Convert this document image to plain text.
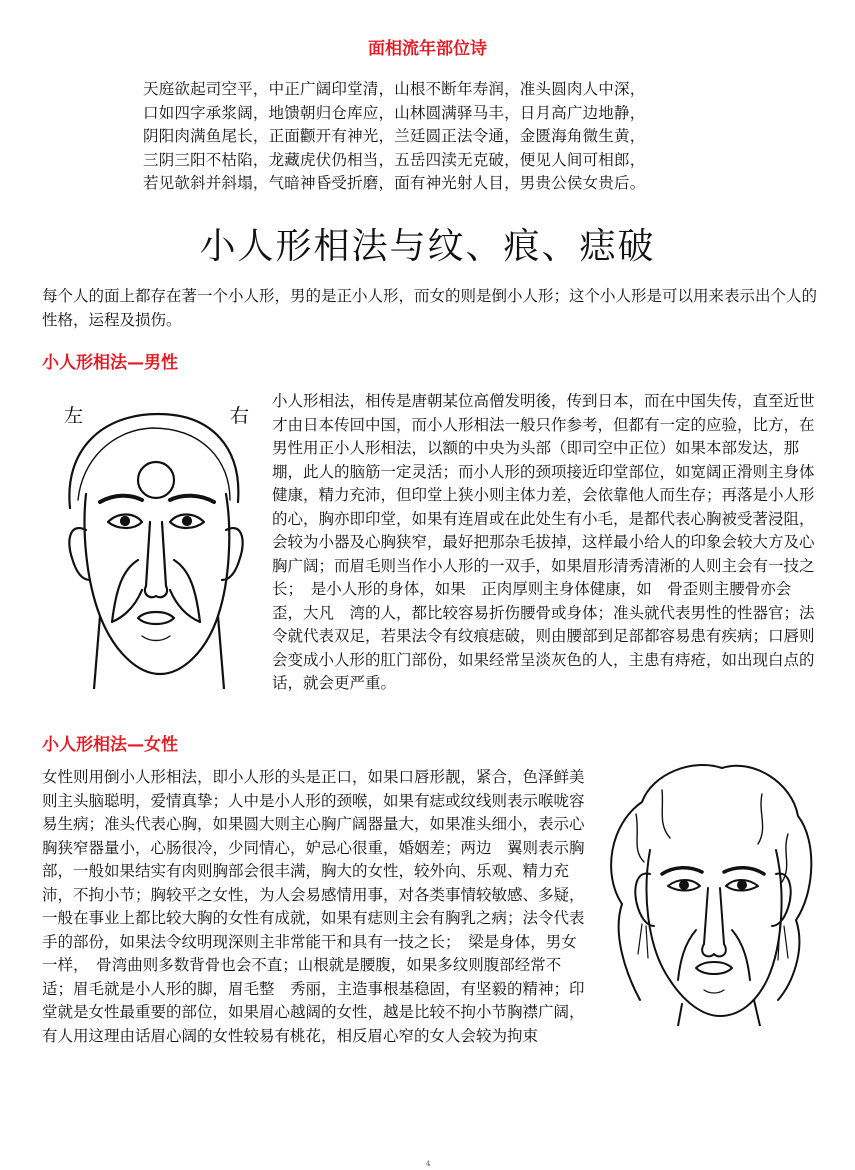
面相流年部位诗
天庭欲起司空平，中正广阔印堂清，山根不断年寿润，准头圆肉人中深，
口如四字承浆阔，地馈朝归仓库应，山林圆满驿马丰，日月高广边地静，
阴阳肉满鱼尾长，正面颧开有神光，兰廷圆正法令通，金匮海角微生黄，
三阴三阳不枯陷，龙藏虎伏仍相当，五岳四渎无克破，便见人间可相郎，
若见欹斜并斜塌，气暗神昏受折磨，面有神光射人目，男贵公侯女贵后。
小人形相法与纹、痕、痣破

每个人的面上都存在著一个小人形，男的是正小人形，而女的则是倒小人形；这个小人形是可以用来表示出个人的性格，运程及损伤。

小人形相法—男性
左	右

小人形相法，相传是唐朝某位高僧发明後，传到日本，而在中国失传，直至近世才由日本传回中国，而小人形相法一般只作参考，但都有一定的应验，比方，在男性用正小人形相法，以额的中央为头部（即司空中正位）如果本部发达，那堋，此人的脑筋一定灵活；而小人形的颈项接近印堂部位，如宽阔正滑则主身体健康，精力充沛，但印堂上狭小则主体力差，会依靠他人而生存；再落是小人形的心，胸亦即印堂，如果有连眉或在此处生有小毛，是都代表心胸被受著浸阻，会较为小器及心胸狭窄，最好把那杂毛拔掉，这样最小给人的印象会较大方及心胸广阔；而眉毛则当作小人形的一双手，如果眉形清秀清淅的人则主会有一技之长；　是小人形的身体，如果　正肉厚则主身体健康，如　骨歪则主腰骨亦会歪，大凡　湾的人，都比较容易折伤腰骨或身体；准头就代表男性的性器官；法令就代表双足，若果法令有纹痕痣破，则由腰部到足部都容易患有疾病；口唇则会变成小人形的肛门部份，如果经常呈淡灰色的人，主患有痔疮，如出现白点的话，就会更严重。

小人形相法—女性

女性则用倒小人形相法，即小人形的头是正口，如果口唇形靓，紧合，色泽鲜美则主头脑聪明，爱情真挚；人中是小人形的颈喉，如果有痣或纹线则表示喉咙容易生病；准头代表心胸，如果圆大则主心胸广阔器量大，如果准头细小，表示心胸狭窄器量小，心肠很冷，少同情心，妒忌心很重，婚姻差；两边　翼则表示胸部，一般如果结实有肉则胸部会很丰满，胸大的女性，较外向、乐观、精力充沛，不拘小节；胸较平之女性，为人会易感情用事，对各类事情较敏感、多疑，一般在事业上都比较大胸的女性有成就，如果有痣则主会有胸乳之病；法令代表手的部份，如果法令纹明现深则主非常能干和具有一技之长；　梁是身体，男女一样，　骨湾曲则多数背骨也会不直；山根就是腰腹，如果多纹则腹部经常不适；眉毛就是小人形的脚，眉毛整　秀丽，主造事根基稳固，有坚毅的精神；印堂就是女性最重要的部位，如果眉心越阔的女性，越是比较不拘小节胸襟广阔，有人用这理由话眉心阔的女性较易有桃花，相反眉心窄的女人会较为拘束

4
